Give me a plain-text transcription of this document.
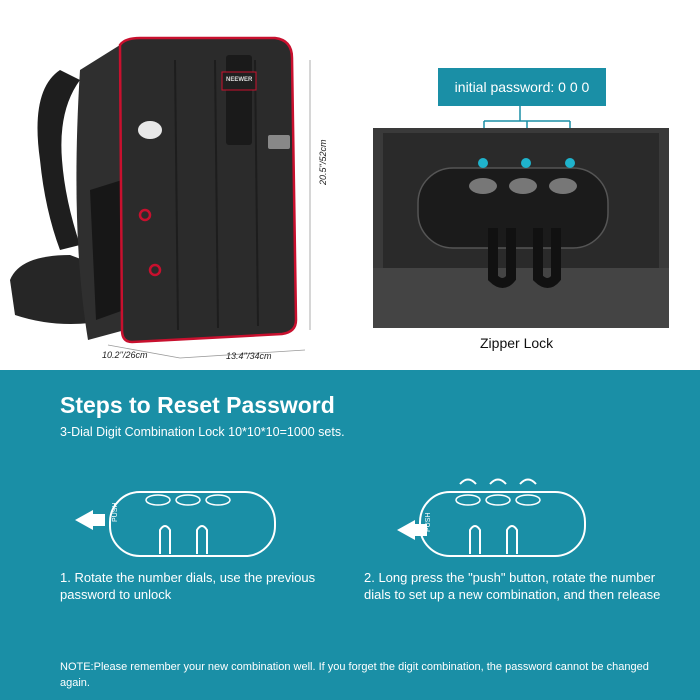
NEEWER
20.5''/52cm
10.2''/26cm	13.4''/34cm
initial password: 0 0 0
Zipper Lock
Steps to Reset Password
3-Dial Digit Combination Lock 10*10*10=1000 sets.
PUSH
PUSH
1. Rotate the number dials, use the previous password to unlock
2. Long press the "push" button, rotate the number dials to set up a new combination, and then release
NOTE:Please remember your new combination well. If you forget the digit combination, the password cannot be changed again.
